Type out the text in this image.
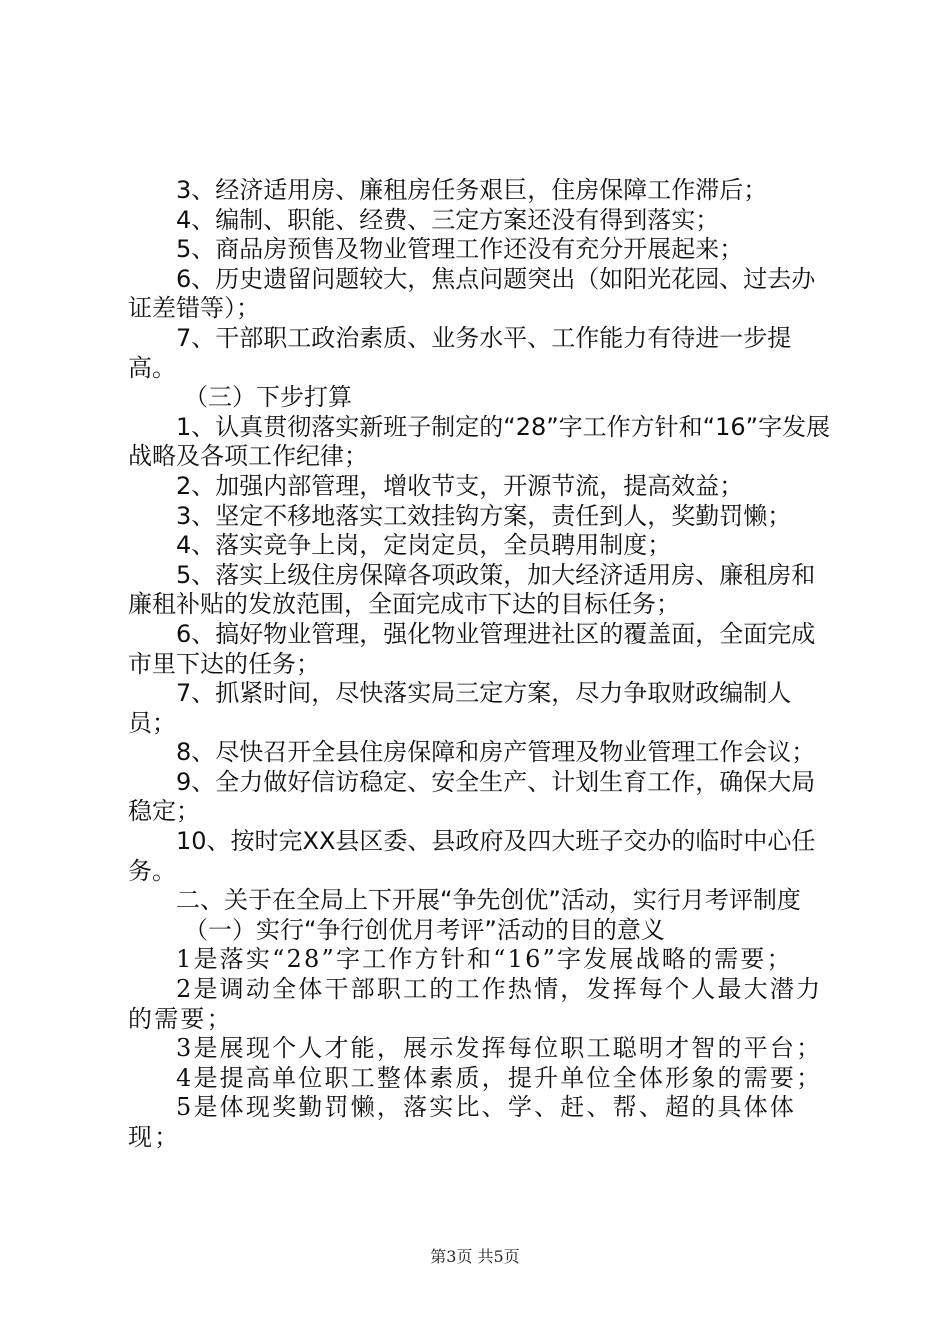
3、经济适用房、廉租房任务艰巨，住房保障工作滞后；

4、编制、职能、经费、三定方案还没有得到落实；

5、商品房预售及物业管理工作还没有充分开展起来；

6、历史遗留问题较大，焦点问题突出（如阳光花园、过去办证差错等）；

7、干部职工政治素质、业务水平、工作能力有待进一步提高。

（三）下步打算

1、认真贯彻落实新班子制定的“28”字工作方针和“16”字发展战略及各项工作纪律；

2、加强内部管理，增收节支，开源节流，提高效益；

3、坚定不移地落实工效挂钩方案，责任到人，奖勤罚懒；

4、落实竞争上岗，定岗定员，全员聘用制度；

5、落实上级住房保障各项政策，加大经济适用房、廉租房和廉租补贴的发放范围，全面完成市下达的目标任务；

6、搞好物业管理，强化物业管理进社区的覆盖面，全面完成市里下达的任务；

7、抓紧时间，尽快落实局三定方案，尽力争取财政编制人员；

8、尽快召开全县住房保障和房产管理及物业管理工作会议；

9、全力做好信访稳定、安全生产、计划生育工作，确保大局稳定；

10、按时完XX县区委、县政府及四大班子交办的临时中心任务。

二、关于在全局上下开展“争先创优”活动，实行月考评制度

（一）实行“争行创优月考评”活动的目的意义

1是落实“28”字工作方针和“16”字发展战略的需要；

2是调动全体干部职工的工作热情，发挥每个人最大潜力的需要；

3是展现个人才能，展示发挥每位职工聪明才智的平台；

4是提高单位职工整体素质，提升单位全体形象的需要；

5是体现奖勤罚懒，落实比、学、赶、帮、超的具体体现；

第3页 共5页
